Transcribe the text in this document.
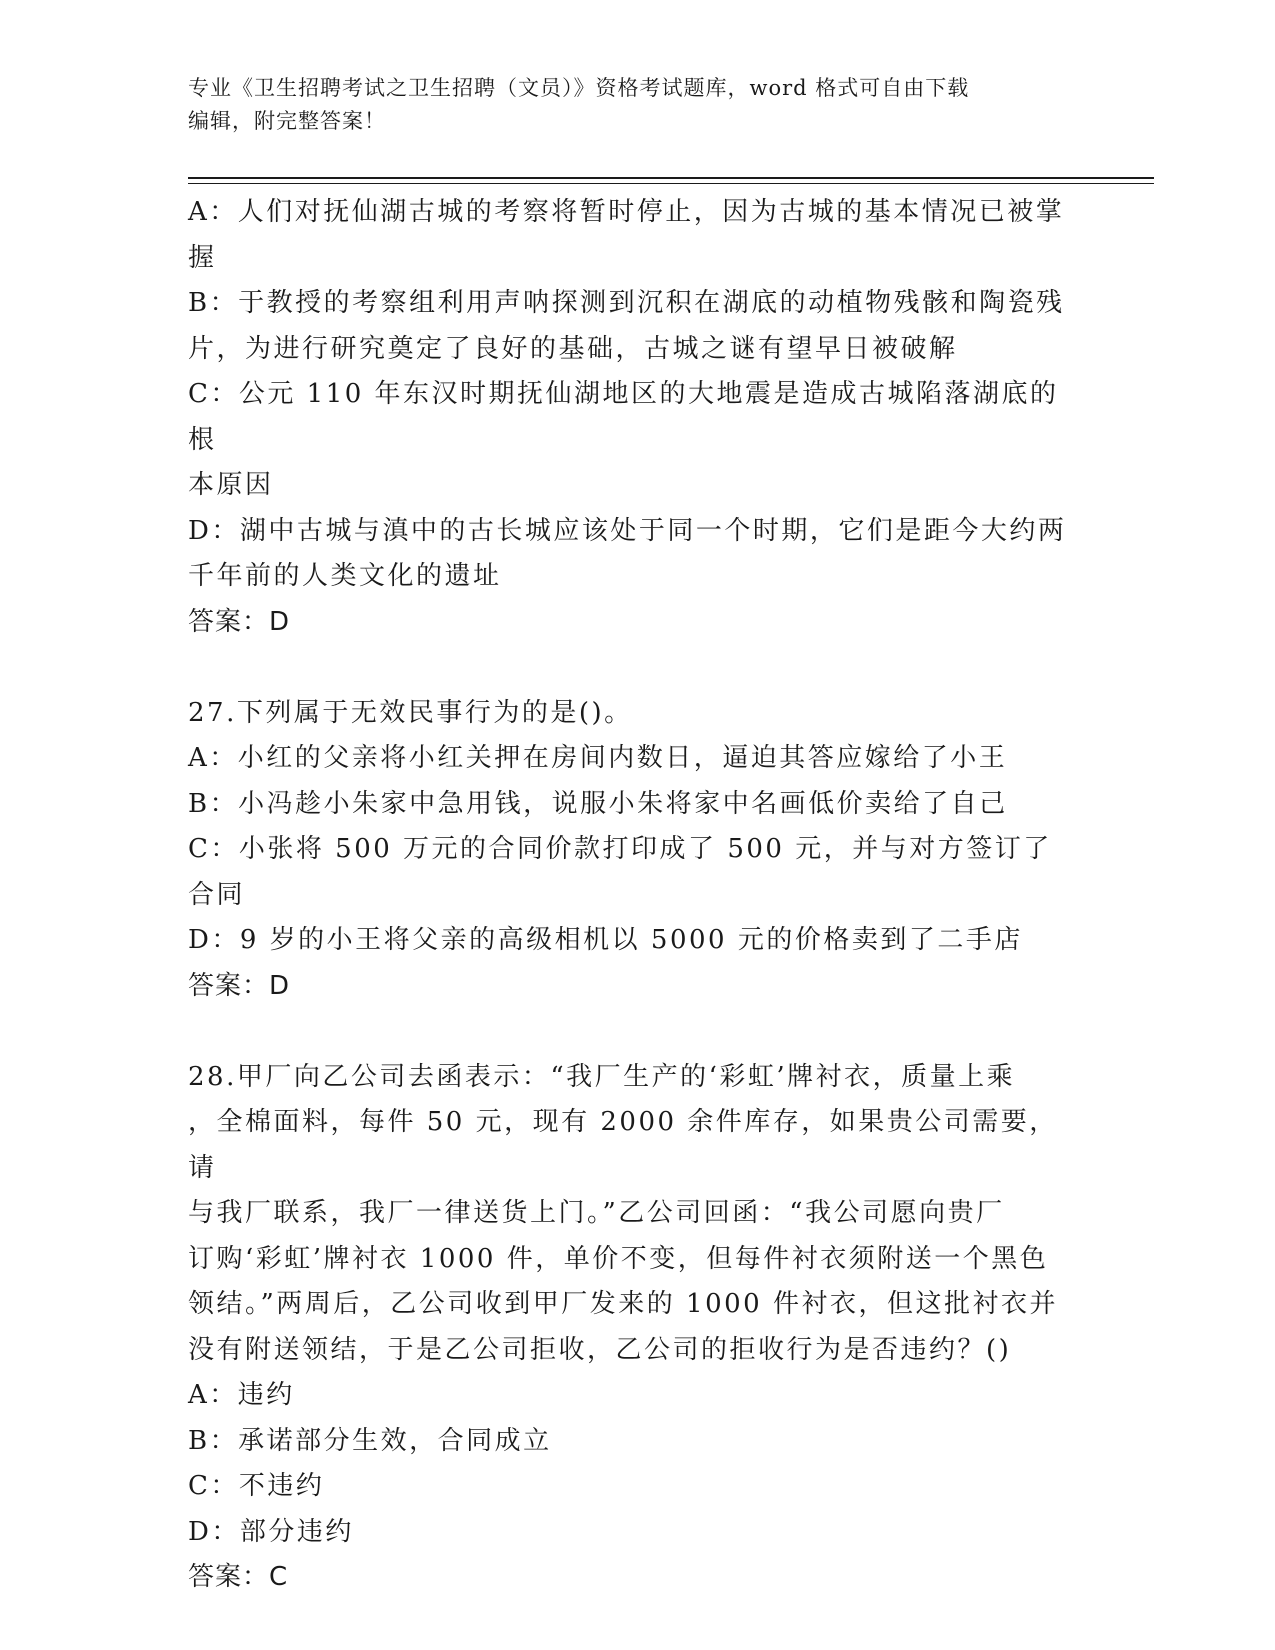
专业《卫生招聘考试之卫生招聘（文员）》资格考试题库，word 格式可自由下载
编辑，附完整答案！
A：人们对抚仙湖古城的考察将暂时停止，因为古城的基本情况已被掌
握
B：于教授的考察组利用声呐探测到沉积在湖底的动植物残骸和陶瓷残
片，为进行研究奠定了良好的基础，古城之谜有望早日被破解
C：公元 110 年东汉时期抚仙湖地区的大地震是造成古城陷落湖底的根
本原因
D：湖中古城与滇中的古长城应该处于同一个时期，它们是距今大约两
千年前的人类文化的遗址
答案：D
27.下列属于无效民事行为的是()。
A：小红的父亲将小红关押在房间内数日，逼迫其答应嫁给了小王
B：小冯趁小朱家中急用钱，说服小朱将家中名画低价卖给了自己
C：小张将 500 万元的合同价款打印成了 500 元，并与对方签订了合同
D：9 岁的小王将父亲的高级相机以 5000 元的价格卖到了二手店
答案：D
28.甲厂向乙公司去函表示：“我厂生产的‘彩虹’牌衬衣，质量上乘
，全棉面料，每件 50 元，现有 2000 余件库存，如果贵公司需要，请
与我厂联系，我厂一律送货上门。”乙公司回函：“我公司愿向贵厂
订购‘彩虹’牌衬衣 1000 件，单价不变，但每件衬衣须附送一个黑色
领结。”两周后，乙公司收到甲厂发来的 1000 件衬衣，但这批衬衣并
没有附送领结，于是乙公司拒收，乙公司的拒收行为是否违约？()
A：违约
B：承诺部分生效，合同成立
C：不违约
D：部分违约
答案：C
